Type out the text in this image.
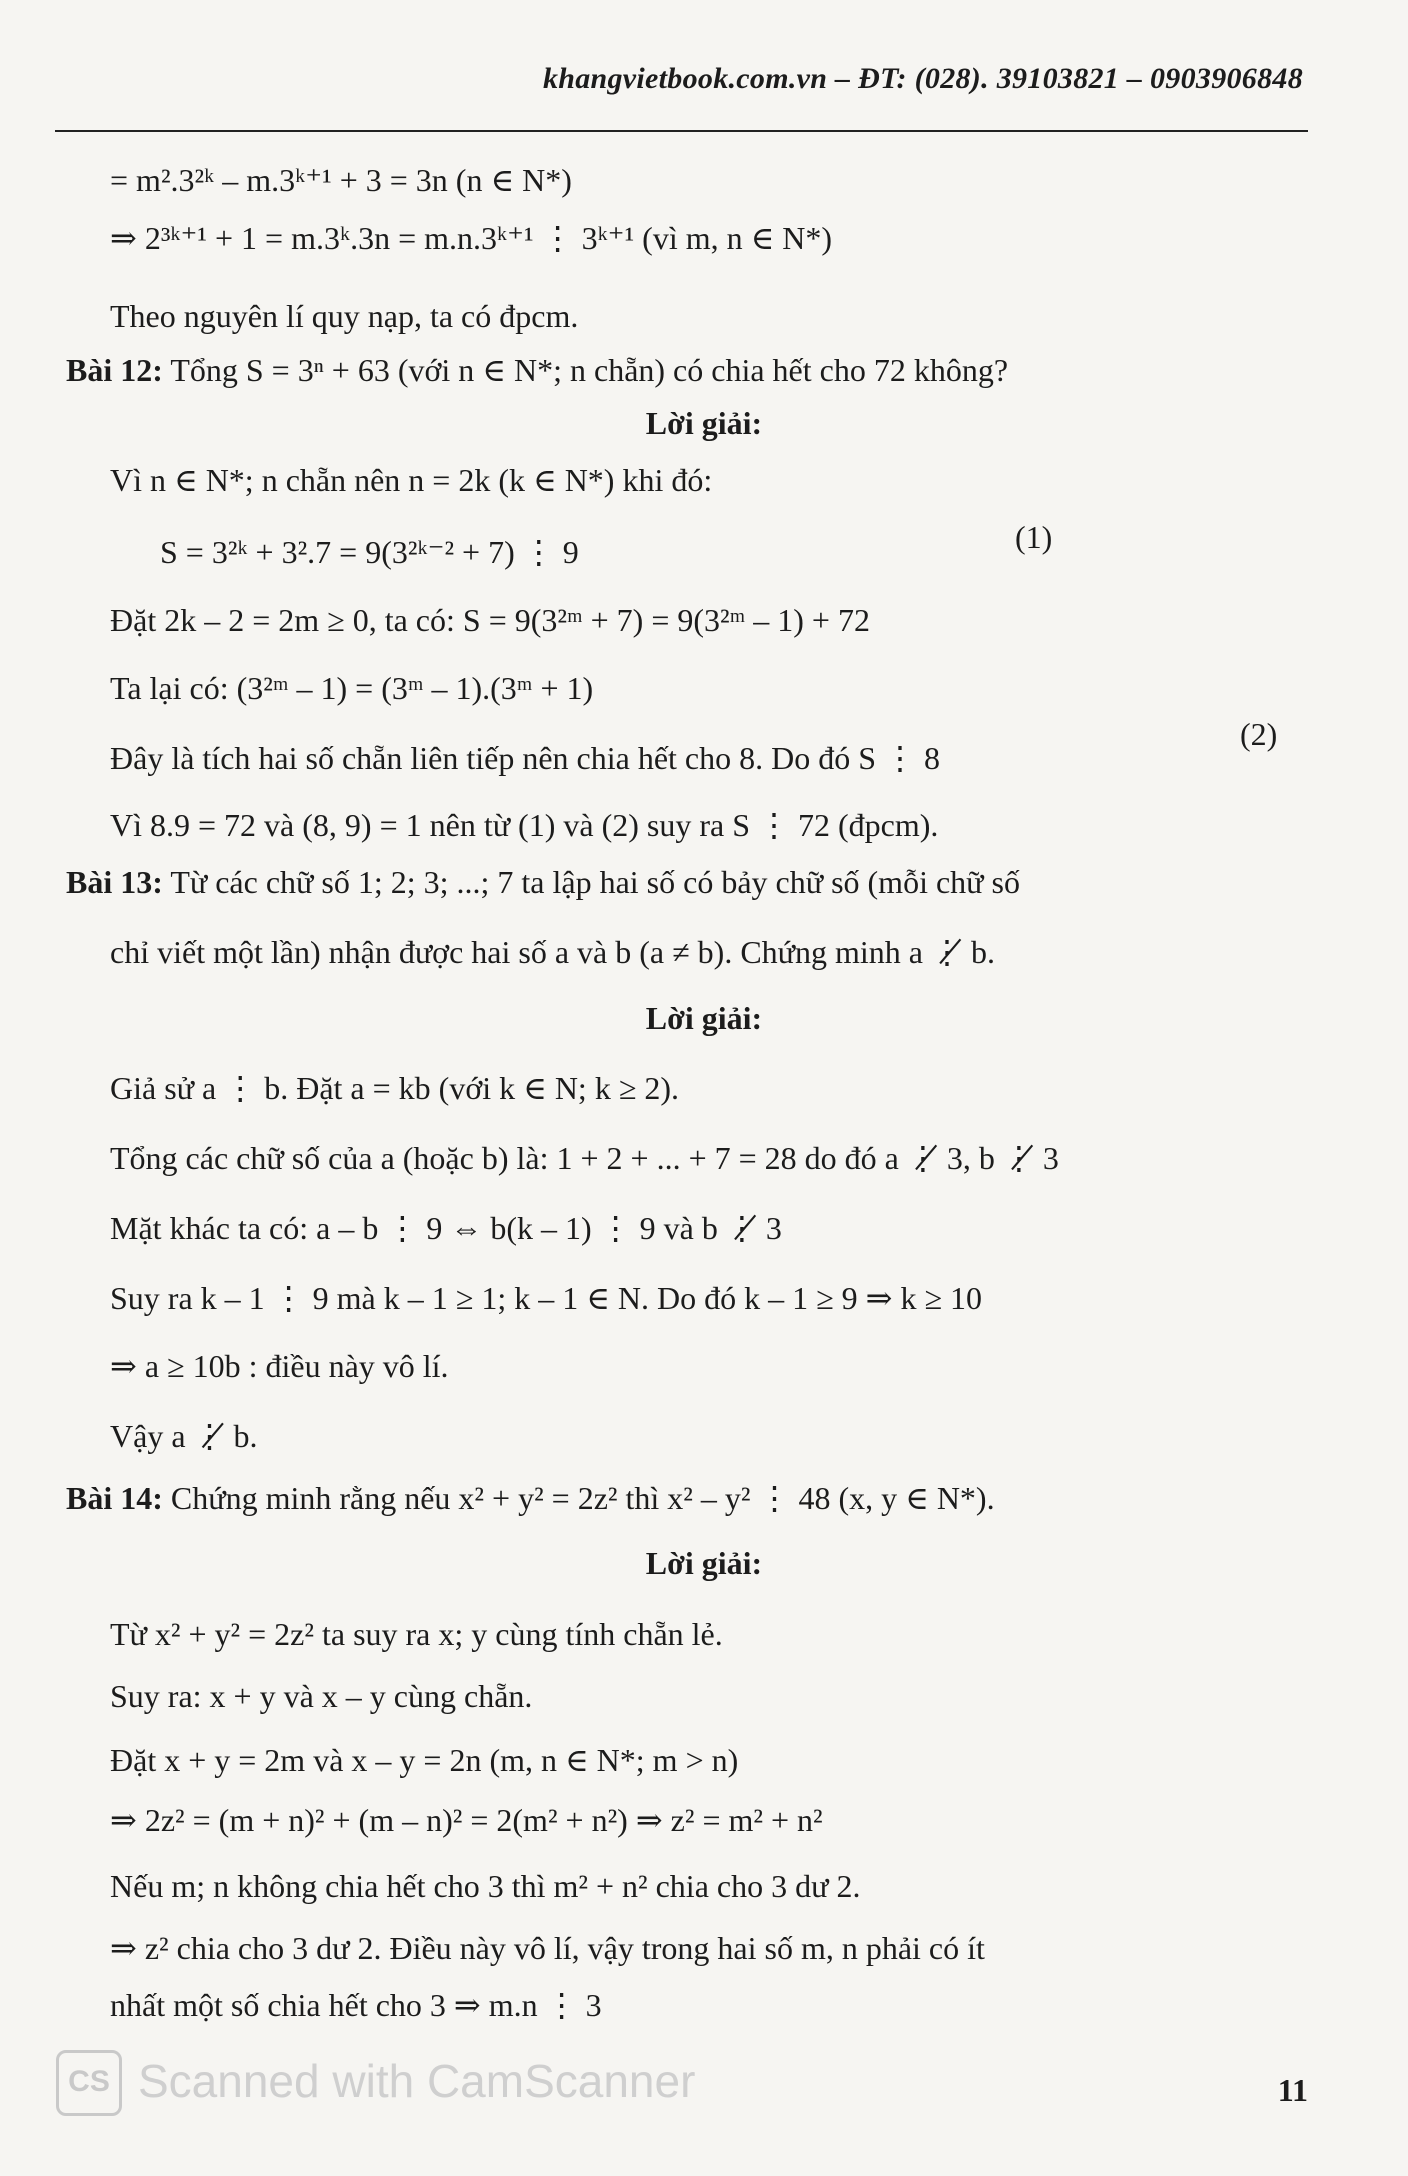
khangvietbook.com.vn – ĐT: (028). 39103821 – 0903906848
= m².3²ᵏ – m.3ᵏ⁺¹ + 3 = 3n (n ∈ N*)
⇒ 2³ᵏ⁺¹ + 1 = m.3ᵏ.3n = m.n.3ᵏ⁺¹ ⋮ 3ᵏ⁺¹ (vì m, n ∈ N*)
Theo nguyên lí quy nạp, ta có đpcm.
Bài 12: Tổng S = 3ⁿ + 63 (với n ∈ N*; n chẵn) có chia hết cho 72 không?
Lời giải:
Vì n ∈ N*; n chẵn nên n = 2k (k ∈ N*) khi đó:
S = 3²ᵏ + 3².7 = 9(3²ᵏ⁻² + 7) ⋮ 9	(1)
Đặt 2k – 2 = 2m ≥ 0, ta có: S = 9(3²ᵐ + 7) = 9(3²ᵐ – 1) + 72
Ta lại có: (3²ᵐ – 1) = (3ᵐ – 1).(3ᵐ + 1)
Đây là tích hai số chẵn liên tiếp nên chia hết cho 8. Do đó S ⋮ 8
(2)
Vì 8.9 = 72 và (8, 9) = 1 nên từ (1) và (2) suy ra S ⋮ 72 (đpcm).
Bài 13: Từ các chữ số 1; 2; 3; ...; 7 ta lập hai số có bảy chữ số (mỗi chữ số
chỉ viết một lần) nhận được hai số a và b (a ≠ b). Chứng minh a ⋮̸ b.
Lời giải:
Giả sử a ⋮ b. Đặt a = kb (với k ∈ N; k ≥ 2).
Tổng các chữ số của a (hoặc b) là: 1 + 2 + ... + 7 = 28 do đó a ⋮̸ 3, b ⋮̸ 3
Mặt khác ta có: a – b ⋮ 9 ⇔ b(k – 1) ⋮ 9 và b ⋮̸ 3
Suy ra k – 1 ⋮ 9 mà k – 1 ≥ 1; k – 1 ∈ N. Do đó k – 1 ≥ 9 ⇒ k ≥ 10
⇒ a ≥ 10b : điều này vô lí.
Vậy a ⋮̸ b.
Bài 14: Chứng minh rằng nếu x² + y² = 2z² thì x² – y² ⋮ 48 (x, y ∈ N*).
Lời giải:
Từ x² + y² = 2z² ta suy ra x; y cùng tính chẵn lẻ.
Suy ra: x + y và x – y cùng chẵn.
Đặt x + y = 2m và x – y = 2n (m, n ∈ N*; m > n)
⇒ 2z² = (m + n)² + (m – n)² = 2(m² + n²) ⇒ z² = m² + n²
Nếu m; n không chia hết cho 3 thì m² + n² chia cho 3 dư 2.
⇒ z² chia cho 3 dư 2. Điều này vô lí, vậy trong hai số m, n phải có ít
nhất một số chia hết cho 3 ⇒ m.n ⋮ 3
CS Scanned with CamScanner	11
